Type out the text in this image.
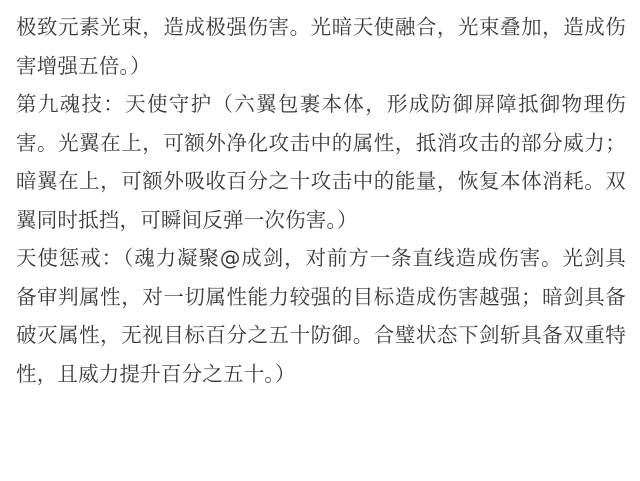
极致元素光束，造成极强伤害。光暗天使融合，光束叠加，造成伤害增强五倍。）

第九魂技：天使守护（六翼包裹本体，形成防御屏障抵御物理伤害。光翼在上，可额外净化攻击中的属性，抵消攻击的部分威力；暗翼在上，可额外吸收百分之十攻击中的能量，恢复本体消耗。双翼同时抵挡，可瞬间反弹一次伤害。）

天使惩戒：（魂力凝聚@成剑，对前方一条直线造成伤害。光剑具备审判属性，对一切属性能力较强的目标造成伤害越强；暗剑具备破灭属性，无视目标百分之五十防御。合璧状态下剑斩具备双重特性，且威力提升百分之五十。）
